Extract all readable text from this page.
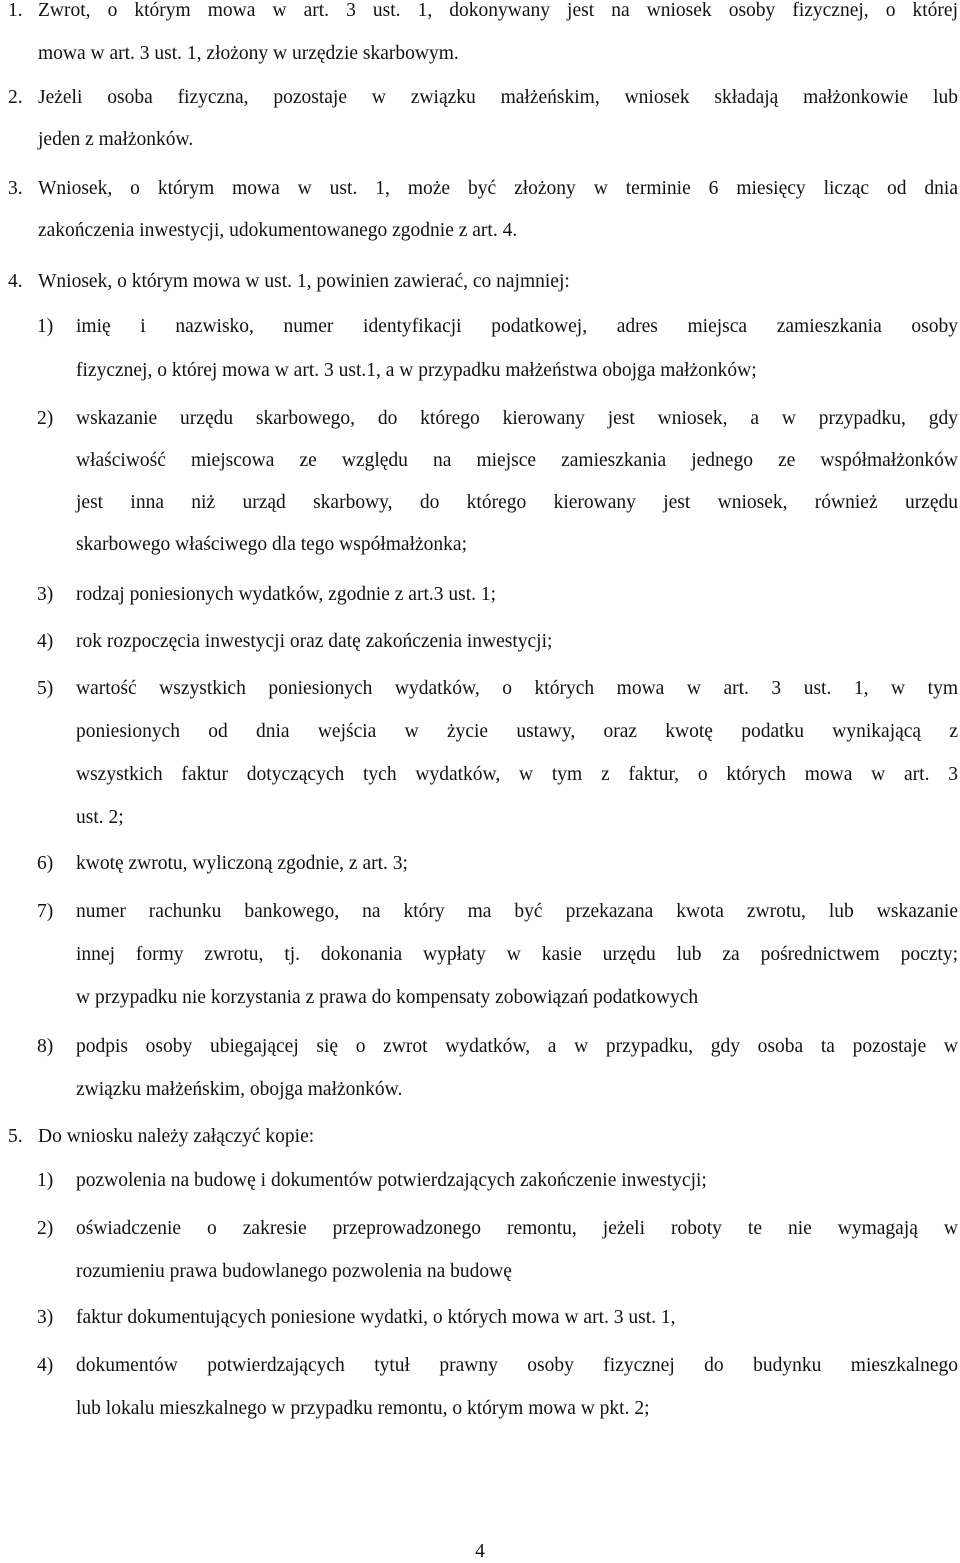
1. Zwrot, o którym mowa w art. 3 ust. 1, dokonywany jest na wniosek osoby fizycznej, o której
mowa w art. 3 ust. 1, złożony w urzędzie skarbowym.
2. Jeżeli osoba fizyczna, pozostaje w związku małżeńskim, wniosek składają małżonkowie lub
jeden z małżonków.
3. Wniosek, o którym mowa w ust. 1, może być złożony w terminie 6 miesięcy licząc od dnia
zakończenia inwestycji, udokumentowanego zgodnie z art. 4.
4. Wniosek, o którym mowa w ust. 1, powinien zawierać, co najmniej:
1) imię i nazwisko, numer identyfikacji podatkowej, adres miejsca zamieszkania osoby
fizycznej, o której mowa w art. 3 ust.1, a w przypadku małżeństwa obojga małżonków;
2) wskazanie urzędu skarbowego, do którego kierowany jest wniosek, a w przypadku, gdy
właściwość miejscowa ze względu na miejsce zamieszkania jednego ze współmałżonków
jest inna niż urząd skarbowy, do którego kierowany jest wniosek, również urzędu
skarbowego właściwego dla tego współmałżonka;
3) rodzaj poniesionych wydatków, zgodnie z art.3 ust. 1;
4) rok rozpoczęcia inwestycji oraz datę zakończenia inwestycji;
5) wartość wszystkich poniesionych wydatków, o których mowa w art. 3 ust. 1, w tym
poniesionych od dnia wejścia w życie ustawy, oraz kwotę podatku wynikającą z
wszystkich faktur dotyczących tych wydatków, w tym z faktur, o których mowa w art. 3
ust. 2;
6) kwotę zwrotu, wyliczoną zgodnie, z art. 3;
7) numer rachunku bankowego, na który ma być przekazana kwota zwrotu, lub wskazanie
innej formy zwrotu, tj. dokonania wypłaty w kasie urzędu lub za pośrednictwem poczty;
w przypadku nie korzystania z prawa do kompensaty zobowiązań podatkowych
8) podpis osoby ubiegającej się o zwrot wydatków, a w przypadku, gdy osoba ta pozostaje w
związku małżeńskim, obojga małżonków.
5. Do wniosku należy załączyć kopie:
1) pozwolenia na budowę i dokumentów potwierdzających zakończenie inwestycji;
2) oświadczenie o zakresie przeprowadzonego remontu, jeżeli roboty te nie wymagają w
rozumieniu prawa budowlanego pozwolenia na budowę
3) faktur dokumentujących poniesione wydatki, o których mowa w art. 3 ust. 1,
4) dokumentów potwierdzających tytuł prawny osoby fizycznej do budynku mieszkalnego
lub lokalu mieszkalnego w przypadku remontu, o którym mowa w pkt. 2;
4
